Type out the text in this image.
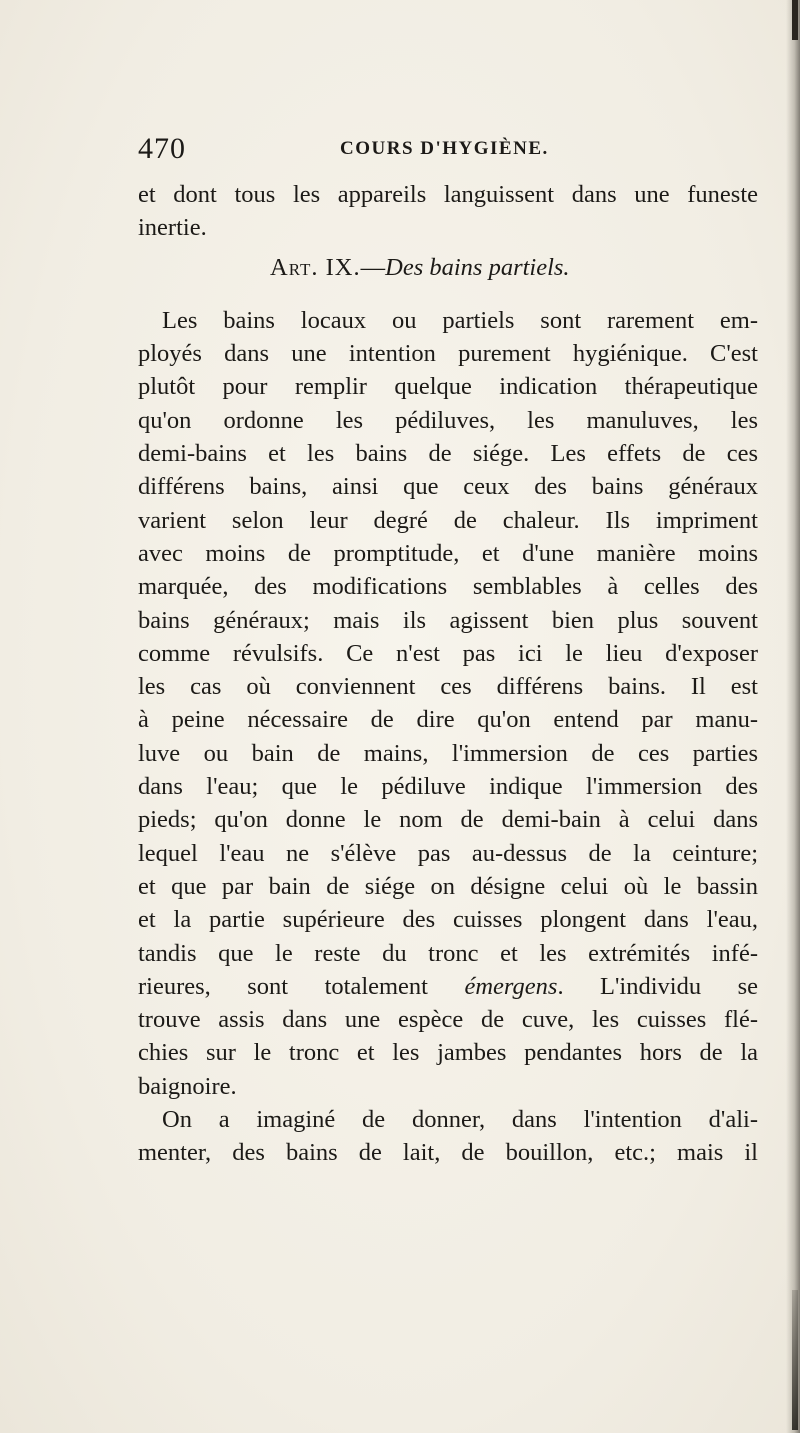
470	COURS D'HYGIÈNE.
et dont tous les appareils languissent dans une funeste
inertie.
Art. IX.—Des bains partiels.
Les bains locaux ou partiels sont rarement em-
ployés dans une intention purement hygiénique. C'est
plutôt pour remplir quelque indication thérapeutique
qu'on ordonne les pédiluves, les manuluves, les
demi-bains et les bains de siége. Les effets de ces
différens bains, ainsi que ceux des bains généraux
varient selon leur degré de chaleur. Ils impriment
avec moins de promptitude, et d'une manière moins
marquée, des modifications semblables à celles des
bains généraux; mais ils agissent bien plus souvent
comme révulsifs. Ce n'est pas ici le lieu d'exposer
les cas où conviennent ces différens bains. Il est
à peine nécessaire de dire qu'on entend par manu-
luve ou bain de mains, l'immersion de ces parties
dans l'eau; que le pédiluve indique l'immersion des
pieds; qu'on donne le nom de demi-bain à celui dans
lequel l'eau ne s'élève pas au-dessus de la ceinture;
et que par bain de siége on désigne celui où le bassin
et la partie supérieure des cuisses plongent dans l'eau,
tandis que le reste du tronc et les extrémités infé-
rieures, sont totalement émergens. L'individu se
trouve assis dans une espèce de cuve, les cuisses flé-
chies sur le tronc et les jambes pendantes hors de la
baignoire.
On a imaginé de donner, dans l'intention d'ali-
menter, des bains de lait, de bouillon, etc.; mais il
